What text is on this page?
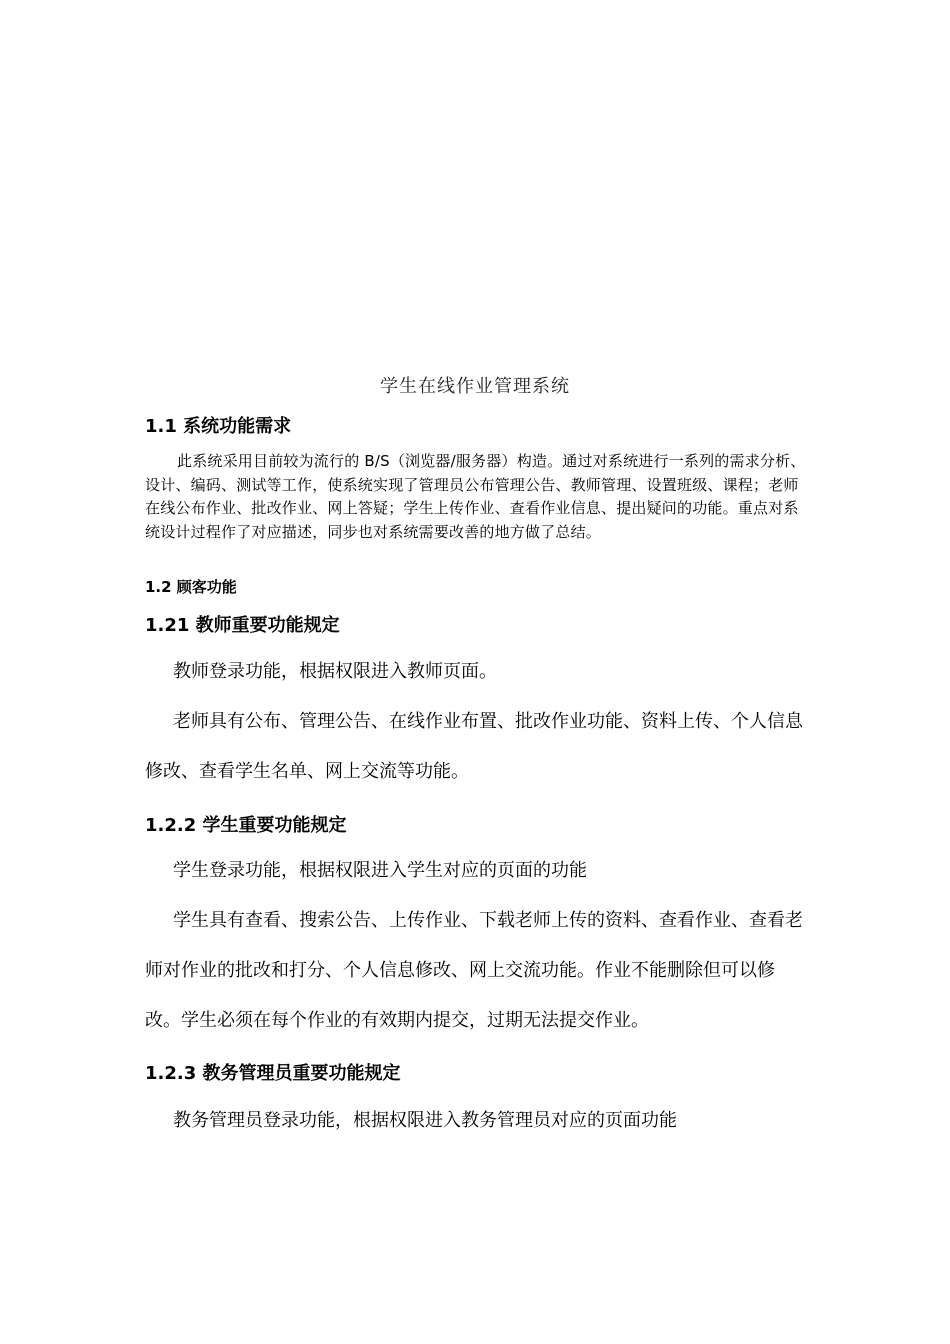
学生在线作业管理系统
1.1 系统功能需求
此系统采用目前较为流行的 B/S（浏览器/服务器）构造。通过对系统进行一系列的需求分析、设计、编码、测试等工作，使系统实现了管理员公布管理公告、教师管理、设置班级、课程；老师在线公布作业、批改作业、网上答疑；学生上传作业、查看作业信息、提出疑问的功能。重点对系统设计过程作了对应描述，同步也对系统需要改善的地方做了总结。
1.2 顾客功能
1.21 教师重要功能规定
教师登录功能，根据权限进入教师页面。
老师具有公布、管理公告、在线作业布置、批改作业功能、资料上传、个人信息修改、查看学生名单、网上交流等功能。
1.2.2 学生重要功能规定
学生登录功能，根据权限进入学生对应的页面的功能
学生具有查看、搜索公告、上传作业、下载老师上传的资料、查看作业、查看老师对作业的批改和打分、个人信息修改、网上交流功能。作业不能删除但可以修改。学生必须在每个作业的有效期内提交，过期无法提交作业。
1.2.3 教务管理员重要功能规定
教务管理员登录功能，根据权限进入教务管理员对应的页面功能
